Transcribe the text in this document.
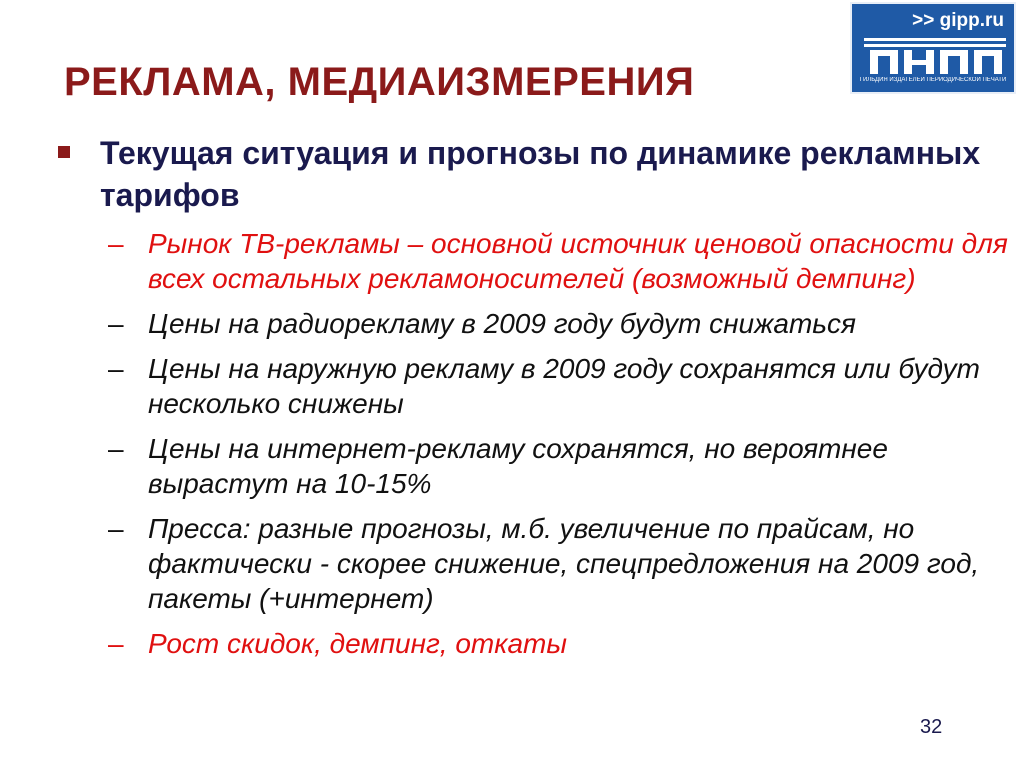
РЕКЛАМА, МЕДИАИЗМЕРЕНИЯ
>> gipp.ru
ГИЛЬДИЯ ИЗДАТЕЛЕЙ ПЕРИОДИЧЕСКОЙ ПЕЧАТИ
Текущая ситуация и прогнозы по динамике рекламных тарифов
– Рынок ТВ-рекламы – основной источник ценовой опасности для всех остальных рекламоносителей (возможный демпинг)
– Цены на радиорекламу в 2009 году будут снижаться
– Цены на наружную рекламу в 2009 году сохранятся или будут несколько снижены
– Цены на интернет-рекламу сохранятся, но вероятнее вырастут на 10-15%
– Пресса: разные прогнозы, м.б. увеличение по прайсам, но фактически - скорее снижение, спецпредложения на 2009 год, пакеты (+интернет)
– Рост скидок, демпинг, откаты
32
